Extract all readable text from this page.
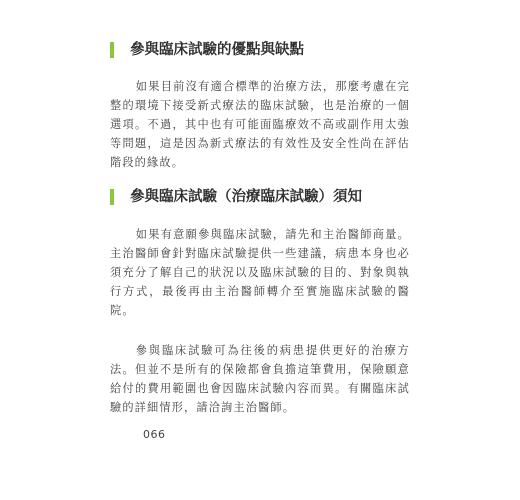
參與臨床試驗的優點與缺點

如果目前沒有適合標準的治療方法，那麼考慮在完整的環境下接受新式療法的臨床試驗，也是治療的一個選項。不過，其中也有可能面臨療效不高或副作用太強等問題，這是因為新式療法的有效性及安全性尚在評估階段的緣故。

參與臨床試驗（治療臨床試驗）須知

如果有意願參與臨床試驗，請先和主治醫師商量。主治醫師會針對臨床試驗提供一些建議，病患本身也必須充分了解自己的狀況以及臨床試驗的目的、對象與執行方式，最後再由主治醫師轉介至實施臨床試驗的醫院。

參與臨床試驗可為往後的病患提供更好的治療方法。但並不是所有的保險都會負擔這筆費用，保險願意給付的費用範圍也會因臨床試驗內容而異。有關臨床試驗的詳細情形，請洽詢主治醫師。

066
